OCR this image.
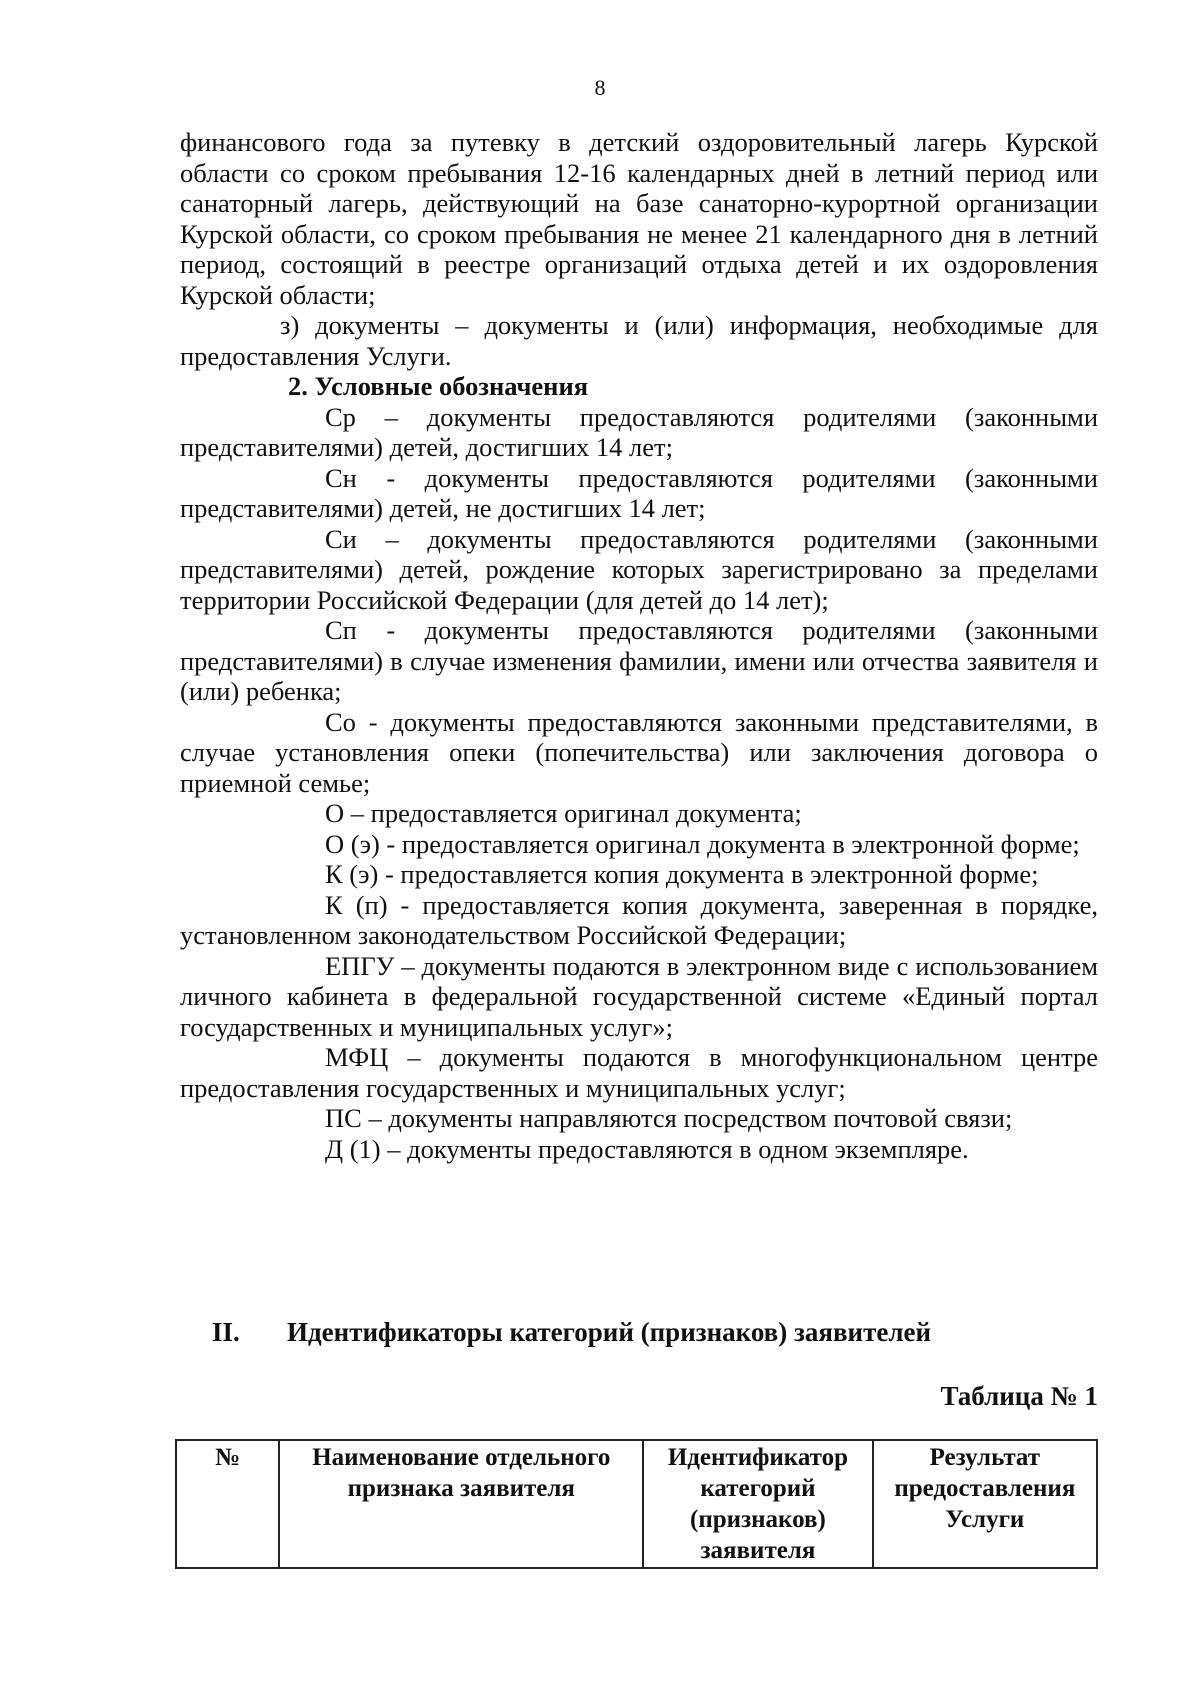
8

финансового года за путевку в детский оздоровительный лагерь Курской области со сроком пребывания 12-16 календарных дней в летний период или санаторный лагерь, действующий на базе санаторно-курортной организации Курской области, со сроком пребывания не менее 21 календарного дня в летний период, состоящий в реестре организаций отдыха детей и их оздоровления Курской области;

з) документы – документы и (или) информация, необходимые для предоставления Услуги.

2. Условные обозначения

Ср – документы предоставляются родителями (законными представителями) детей, достигших 14 лет;

Сн - документы предоставляются родителями (законными представителями) детей, не достигших 14 лет;

Си – документы предоставляются родителями (законными представителями) детей, рождение которых зарегистрировано за пределами территории Российской Федерации (для детей до 14 лет);

Сп - документы предоставляются родителями (законными представителями) в случае изменения фамилии, имени или отчества заявителя и (или) ребенка;

Со - документы предоставляются законными представителями, в случае установления опеки (попечительства) или заключения договора о приемной семье;

О – предоставляется оригинал документа;

О (э) - предоставляется оригинал документа в электронной форме;

К (э) - предоставляется копия документа в электронной форме;

К (п) - предоставляется копия документа, заверенная в порядке, установленном законодательством Российской Федерации;

ЕПГУ – документы подаются в электронном виде с использованием личного кабинета в федеральной государственной системе «Единый портал государственных и муниципальных услуг»;

МФЦ – документы подаются в многофункциональном центре предоставления государственных и муниципальных услуг;

ПС – документы направляются посредством почтовой связи;

Д (1) – документы предоставляются в одном экземпляре.

II. Идентификаторы категорий (признаков) заявителей
Таблица № 1
№	Наименование отдельного признака заявителя	Идентификатор категорий (признаков) заявителя	Результат предоставления Услуги
